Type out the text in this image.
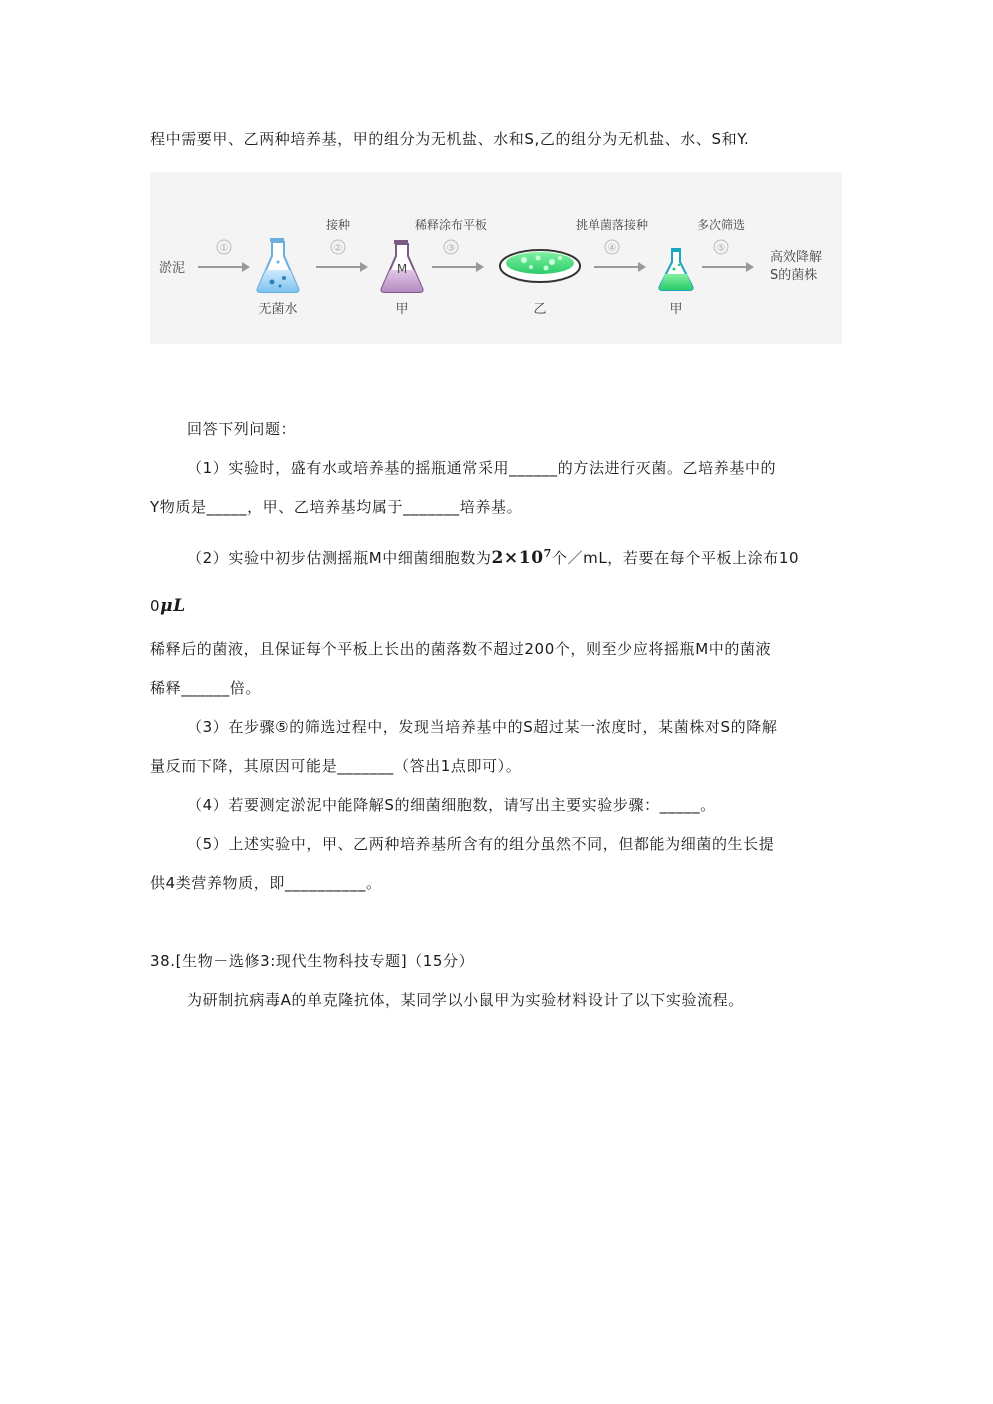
程中需要甲、乙两种培养基，甲的组分为无机盐、水和S,乙的组分为无机盐、水、S和Y.
淤泥
①
无菌水
接种
②
M
甲
稀释涂布平板
③
乙
挑单菌落接种
④
甲
多次筛选
⑤
高效降解
S的菌株
回答下列问题：
（1）实验时，盛有水或培养基的摇瓶通常采用______的方法进行灭菌。乙培养基中的
Y物质是_____，甲、乙培养基均属于_______培养基。
（2）实验中初步估测摇瓶M中细菌细胞数为$2\times 10^7$个／mL，若要在每个平板上涂布10
0μL
稀释后的菌液，且保证每个平板上长出的菌落数不超过200个，则至少应将摇瓶M中的菌液
稀释______倍。
（3）在步骤⑤的筛选过程中，发现当培养基中的S超过某一浓度时，某菌株对S的降解
量反而下降，其原因可能是_______（答出1点即可）。
（4）若要测定淤泥中能降解S的细菌细胞数，请写出主要实验步骤：_____。
（5）上述实验中，甲、乙两种培养基所含有的组分虽然不同，但都能为细菌的生长提
供4类营养物质，即__________。
38.[生物－选修3:现代生物科技专题]（15分）
为研制抗病毒A的单克隆抗体，某同学以小鼠甲为实验材料设计了以下实验流程。
